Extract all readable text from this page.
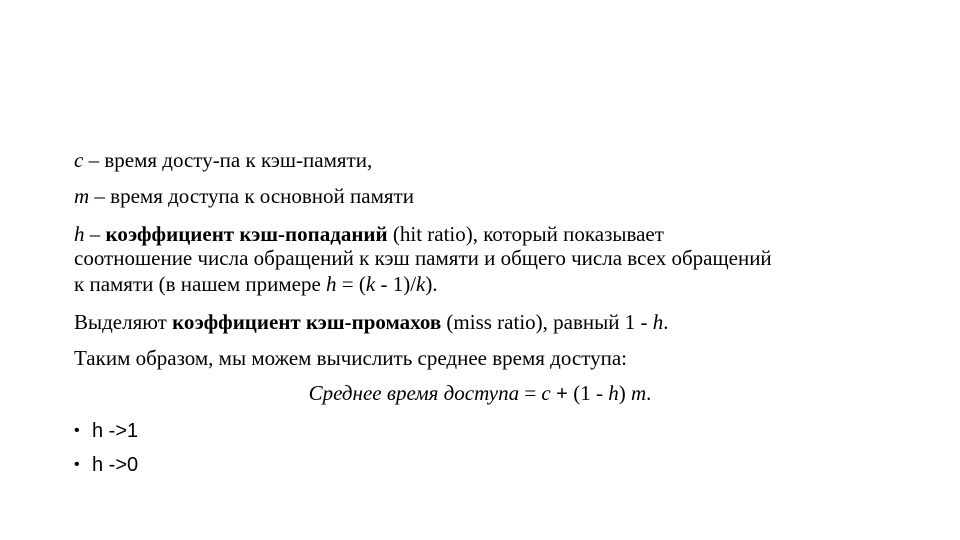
c – время досту-па к кэш-памяти,
m – время доступа к основной памяти
h – коэффициент кэш-попаданий (hit ratio), который показывает
соотношение числа обращений к кэш памяти и общего числа всех обращений
к памяти (в нашем примере h = (k - 1)/k).
Выделяют коэффициент кэш-промахов (miss ratio), равный 1 - h.
Таким образом, мы можем вычислить среднее время доступа:
Среднее время доступа = c + (1 - h) m.
• h ->1
• h ->0
